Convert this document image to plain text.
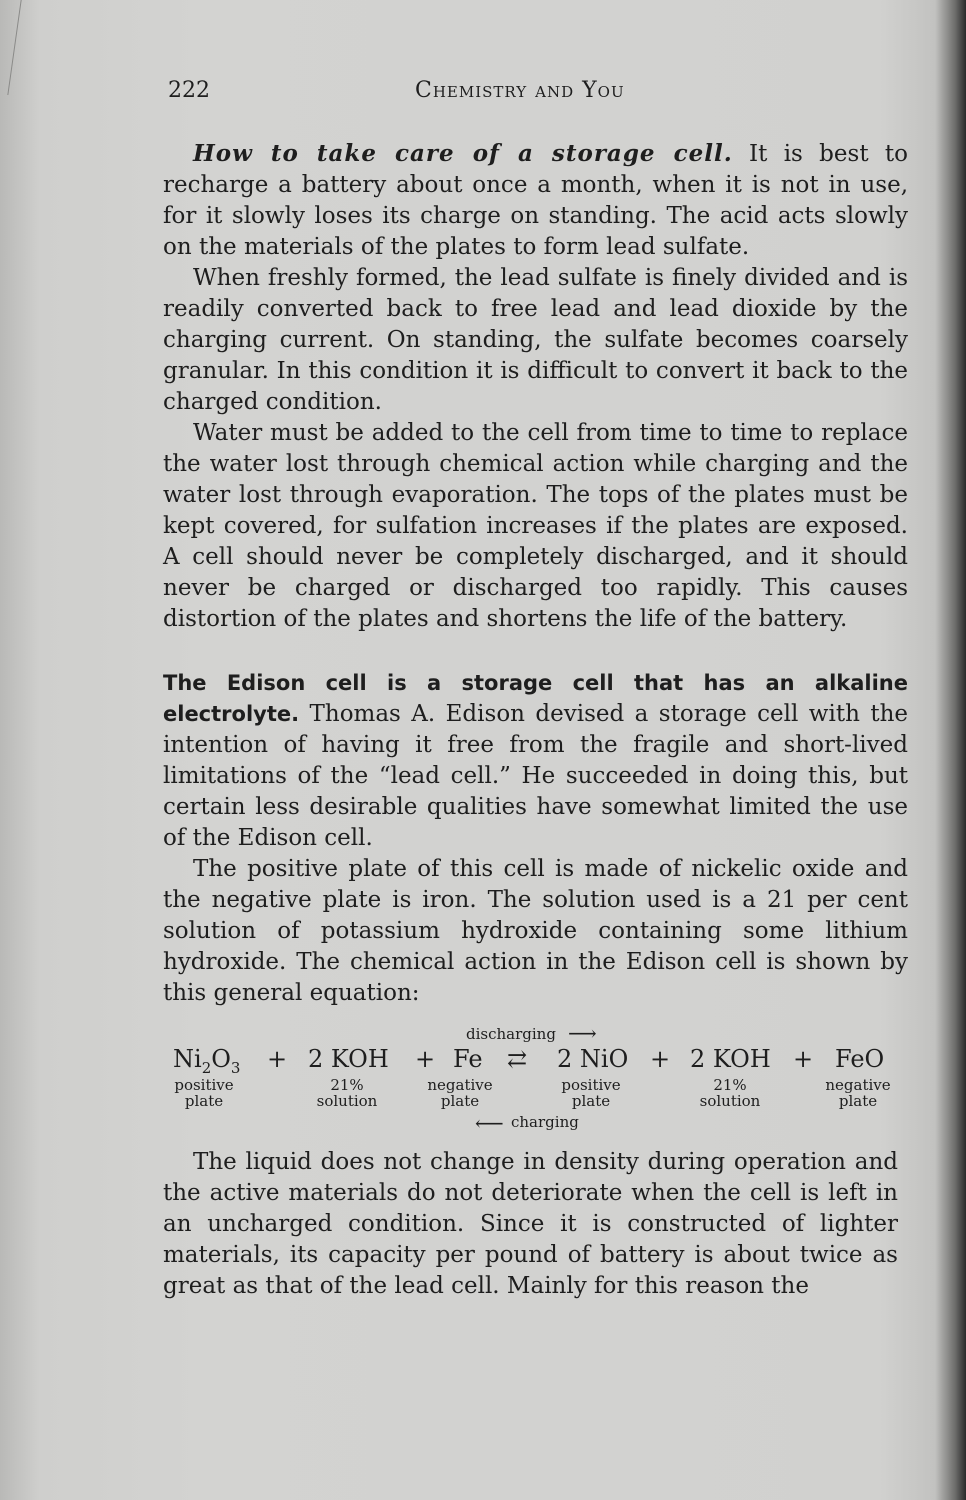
222	Chemistry and You

How to take care of a storage cell. It is best to recharge a battery about once a month, when it is not in use, for it slowly loses its charge on standing. The acid acts slowly on the materials of the plates to form lead sulfate.

When freshly formed, the lead sulfate is finely divided and is readily converted back to free lead and lead dioxide by the charging current. On standing, the sulfate becomes coarsely granular. In this condition it is difficult to convert it back to the charged condition.

Water must be added to the cell from time to time to replace the water lost through chemical action while charging and the water lost through evaporation. The tops of the plates must be kept covered, for sulfation increases if the plates are exposed. A cell should never be completely discharged, and it should never be charged or discharged too rapidly. This causes distortion of the plates and shortens the life of the battery.

The Edison cell is a storage cell that has an alkaline electrolyte. Thomas A. Edison devised a storage cell with the intention of having it free from the fragile and short-lived limitations of the “lead cell.” He succeeded in doing this, but certain less desirable qualities have somewhat limited the use of the Edison cell.

The positive plate of this cell is made of nickelic oxide and the negative plate is iron. The solution used is a 21 per cent solution of potassium hydroxide containing some lithium hydroxide. The chemical action in the Edison cell is shown by this general equation:

discharging ⟶
$Ni_2O_3 + 2$ KOH + Fe ⇄ 2 NiO + 2 KOH + FeO
positive
plate
21%
solution
negative
plate
positive
plate
21%
solution
negative
plate
⟵ charging

The liquid does not change in density during operation and the active materials do not deteriorate when the cell is left in an uncharged condition. Since it is constructed of lighter materials, its capacity per pound of battery is about twice as great as that of the lead cell. Mainly for this reason the
